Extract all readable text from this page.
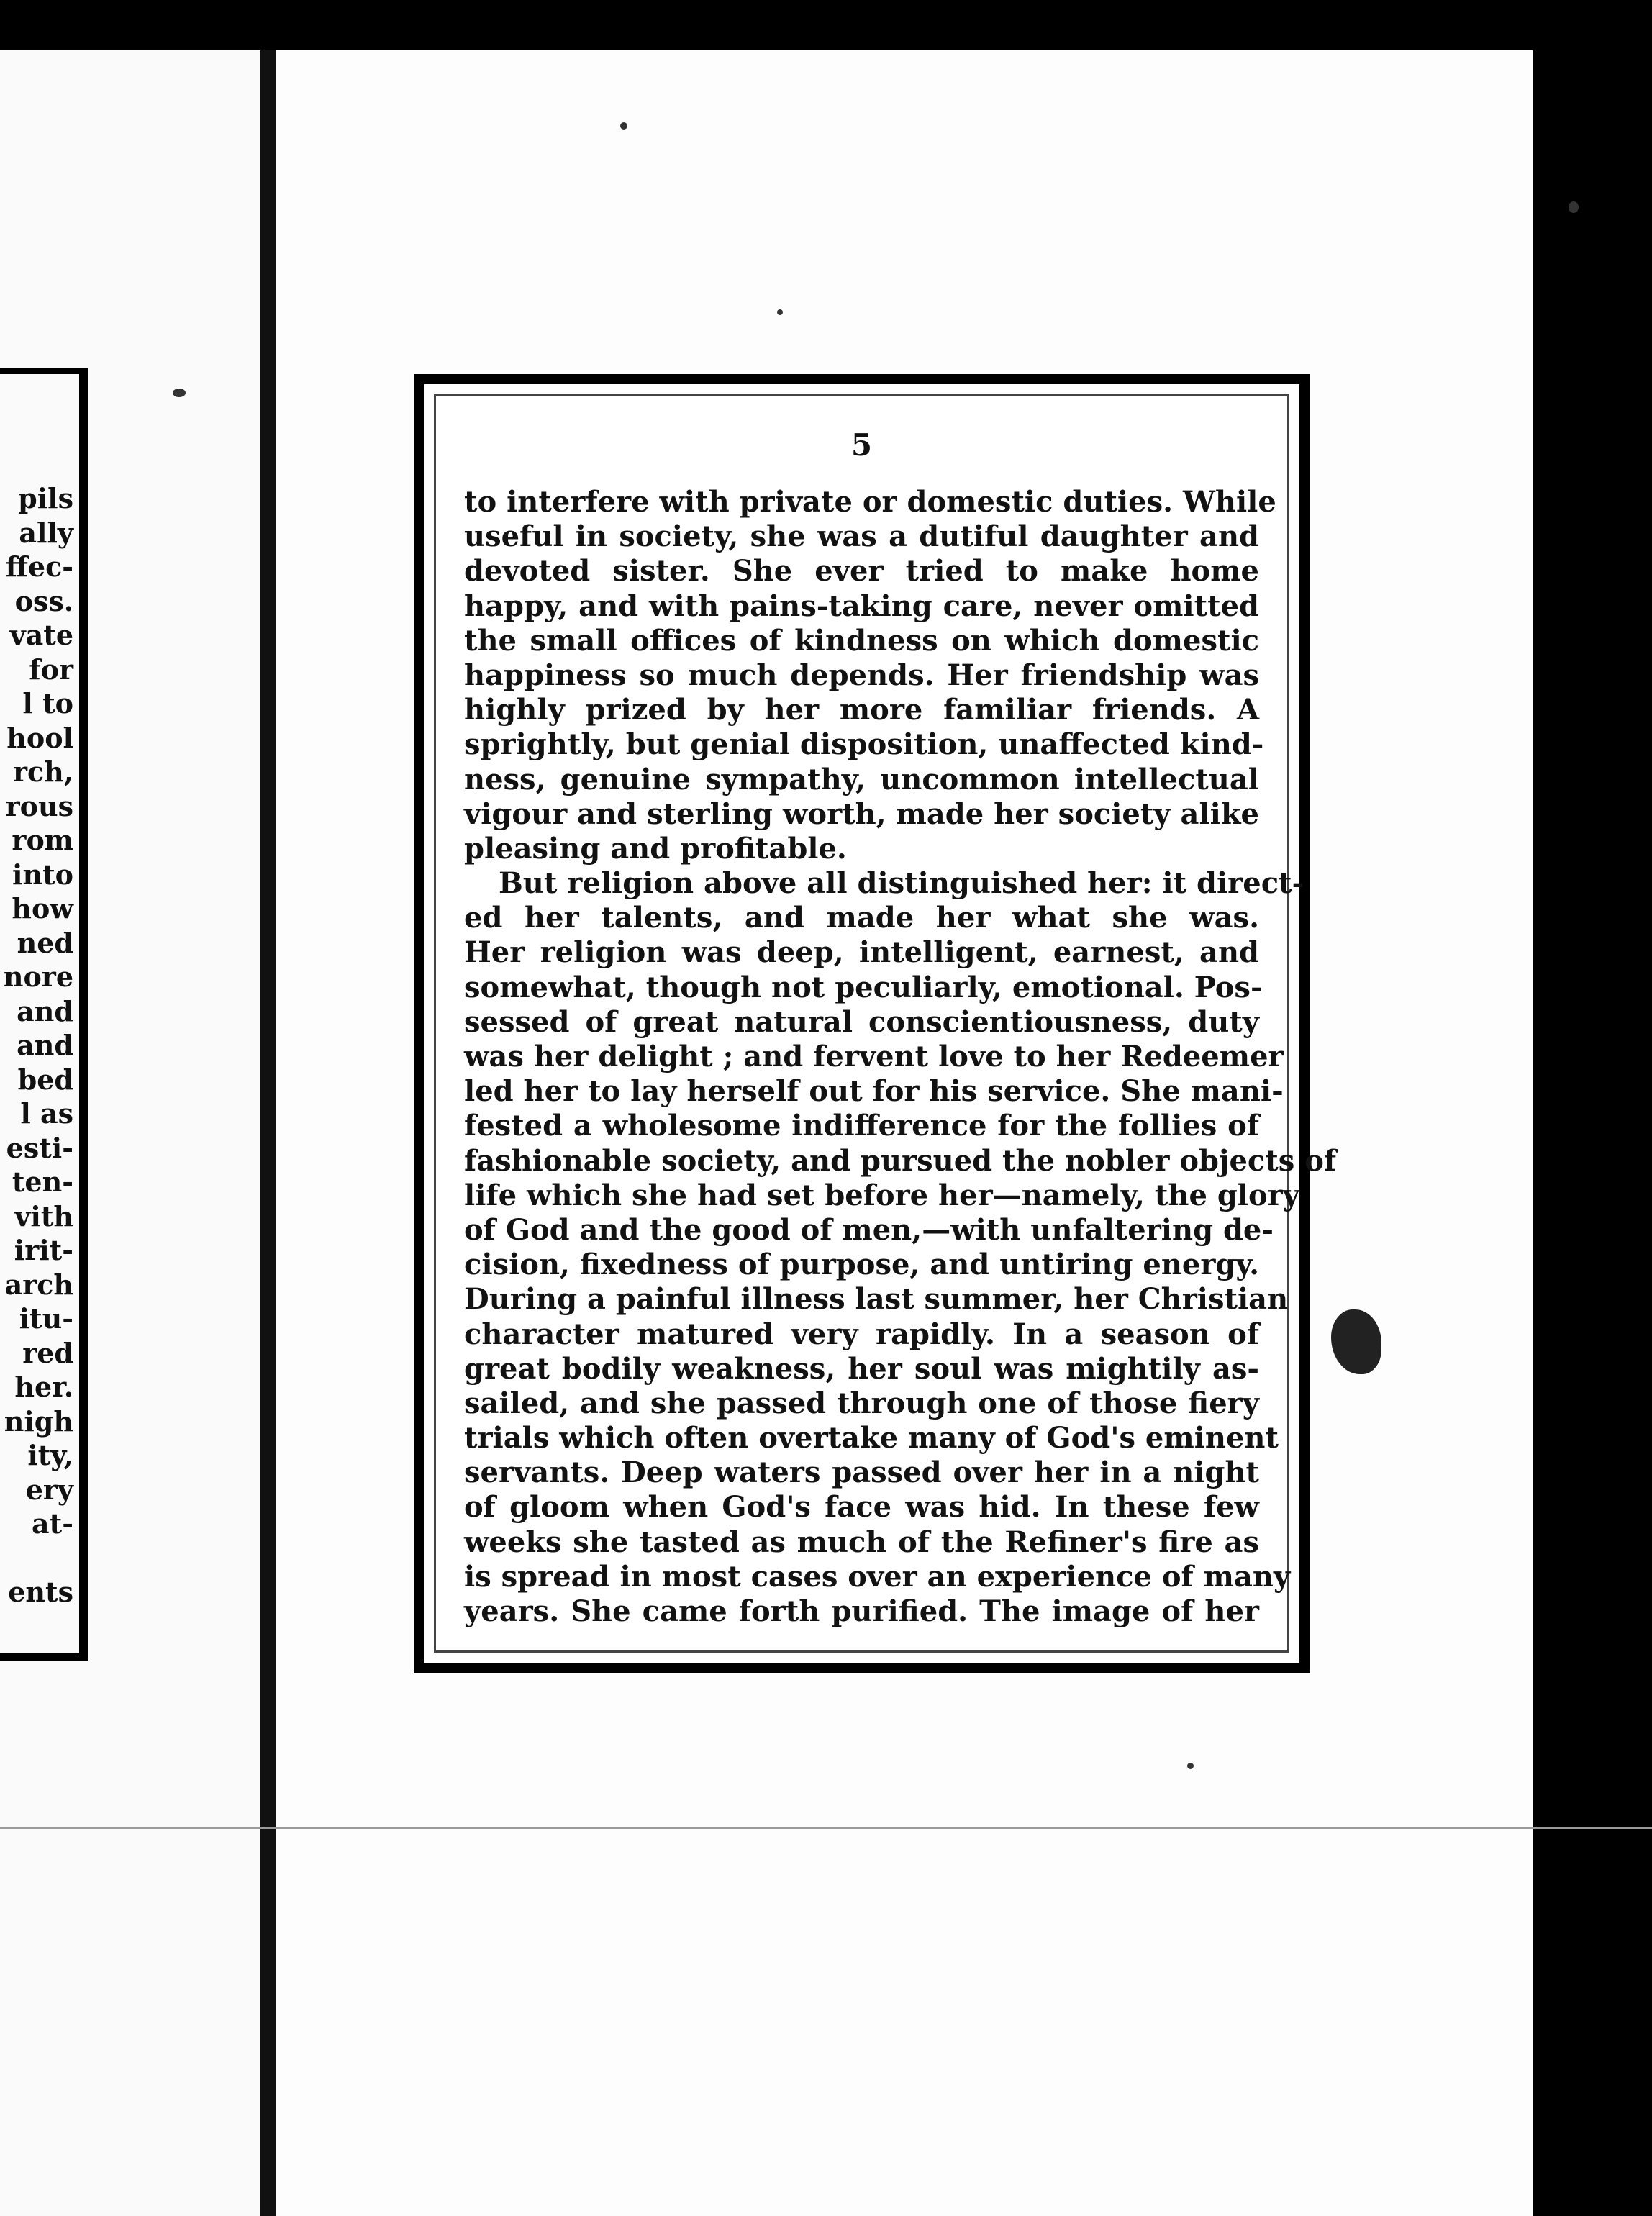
pils
ally
ffec-
oss.
vate
for
l to
hool
rch,
rous
rom
into
how
ned
nore
and
and
bed
l as
esti-
ten-
vith
irit-
arch
itu-
red
her.
nigh
ity,
ery
at-
ents
5
to interfere with private or domestic duties. While
useful in society, she was a dutiful daughter and
devoted sister. She ever tried to make home
happy, and with pains-taking care, never omitted
the small offices of kindness on which domestic
happiness so much depends. Her friendship was
highly prized by her more familiar friends. A
sprightly, but genial disposition, unaffected kind-
ness, genuine sympathy, uncommon intellectual
vigour and sterling worth, made her society alike
pleasing and profitable.
But religion above all distinguished her: it direct-
ed her talents, and made her what she was.
Her religion was deep, intelligent, earnest, and
somewhat, though not peculiarly, emotional. Pos-
sessed of great natural conscientiousness, duty
was her delight ; and fervent love to her Redeemer
led her to lay herself out for his service. She mani-
fested a wholesome indifference for the follies of
fashionable society, and pursued the nobler objects of
life which she had set before her—namely, the glory
of God and the good of men,—with unfaltering de-
cision, fixedness of purpose, and untiring energy.
During a painful illness last summer, her Christian
character matured very rapidly. In a season of
great bodily weakness, her soul was mightily as-
sailed, and she passed through one of those fiery
trials which often overtake many of God's eminent
servants. Deep waters passed over her in a night
of gloom when God's face was hid. In these few
weeks she tasted as much of the Refiner's fire as
is spread in most cases over an experience of many
years. She came forth purified. The image of her
